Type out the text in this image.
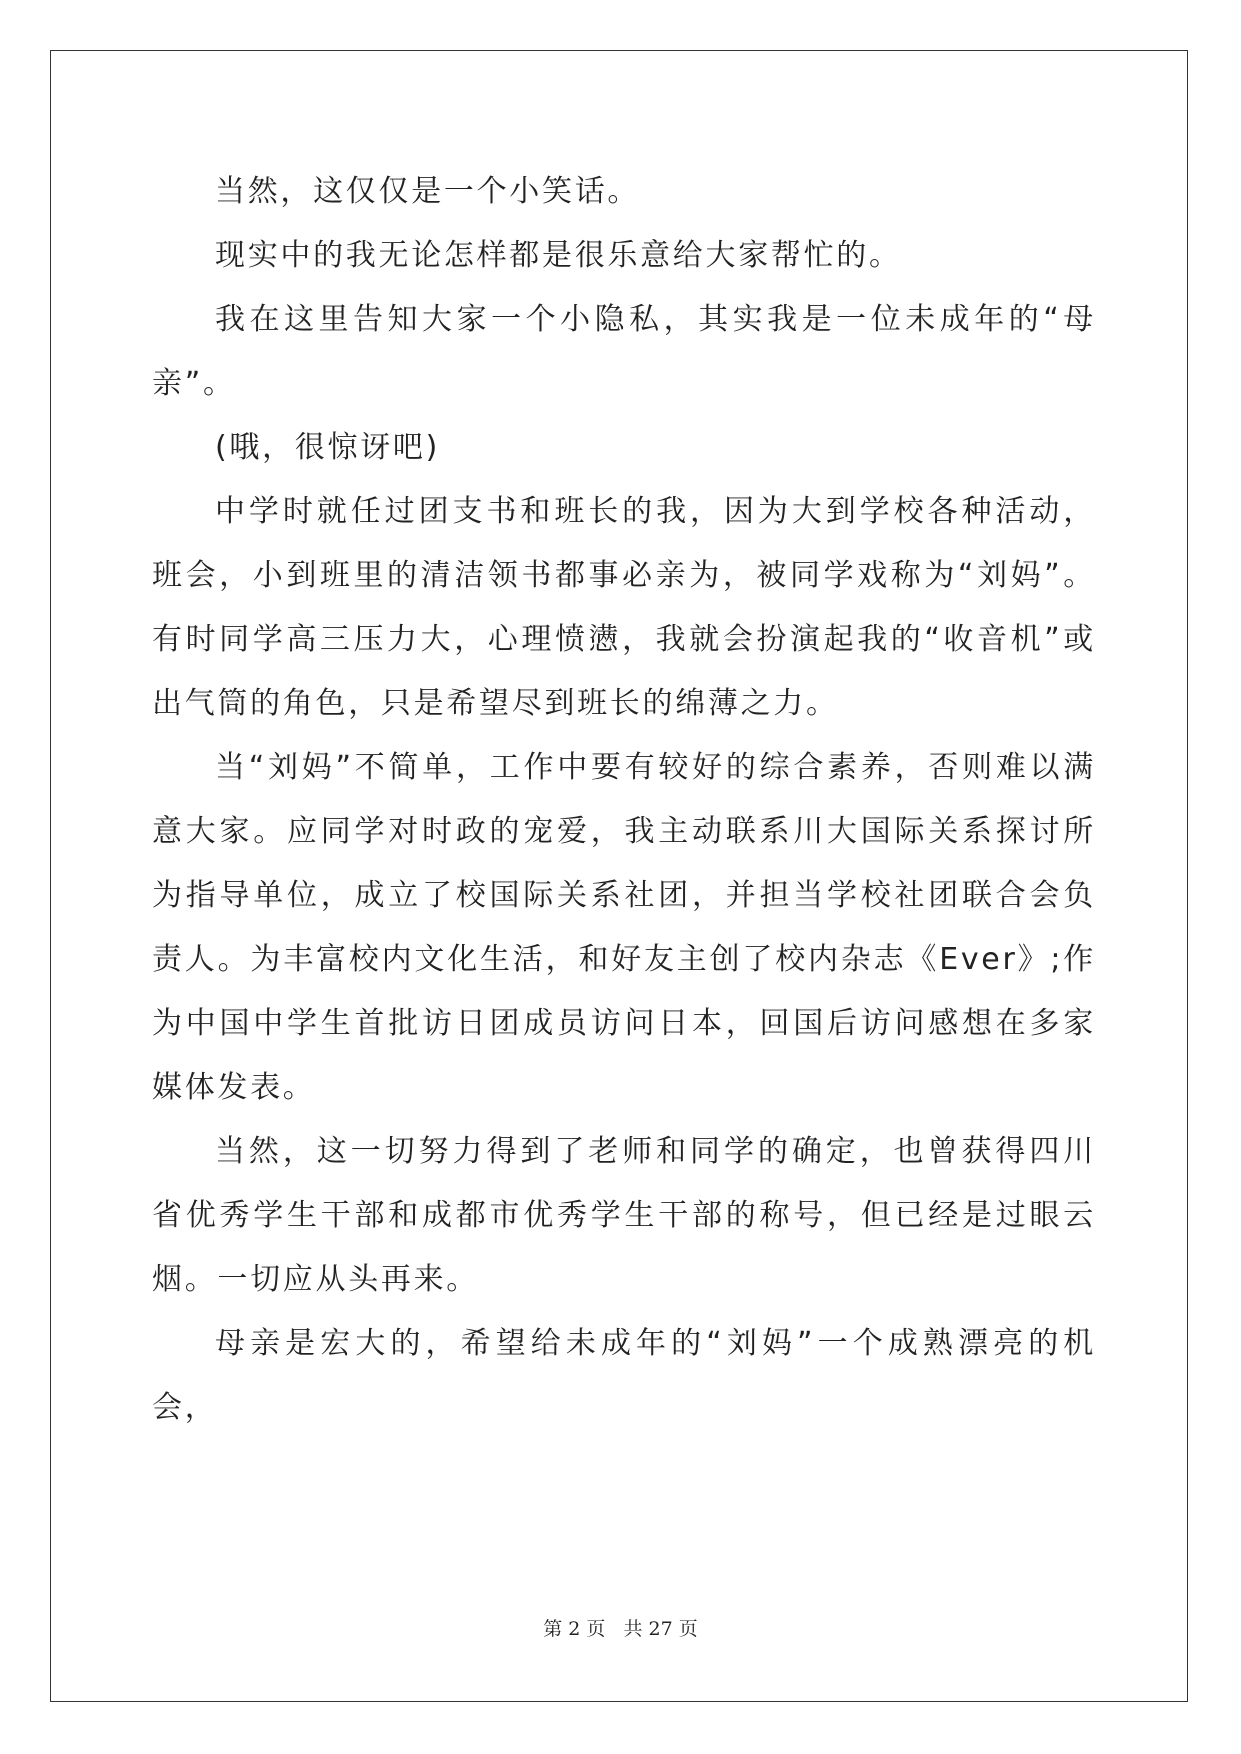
当然，这仅仅是一个小笑话。

现实中的我无论怎样都是很乐意给大家帮忙的。

我在这里告知大家一个小隐私，其实我是一位未成年的“母亲”。

(哦，很惊讶吧)

中学时就任过团支书和班长的我，因为大到学校各种活动，班会，小到班里的清洁领书都事必亲为，被同学戏称为“刘妈”。有时同学高三压力大，心理愤懑，我就会扮演起我的“收音机”或出气筒的角色，只是希望尽到班长的绵薄之力。

当“刘妈”不简单，工作中要有较好的综合素养，否则难以满意大家。应同学对时政的宠爱，我主动联系川大国际关系探讨所为指导单位，成立了校国际关系社团，并担当学校社团联合会负责人。为丰富校内文化生活，和好友主创了校内杂志《Ever》;作为中国中学生首批访日团成员访问日本，回国后访问感想在多家媒体发表。

当然，这一切努力得到了老师和同学的确定，也曾获得四川省优秀学生干部和成都市优秀学生干部的称号，但已经是过眼云烟。一切应从头再来。

母亲是宏大的，希望给未成年的“刘妈”一个成熟漂亮的机会，

第 2 页   共 27 页
